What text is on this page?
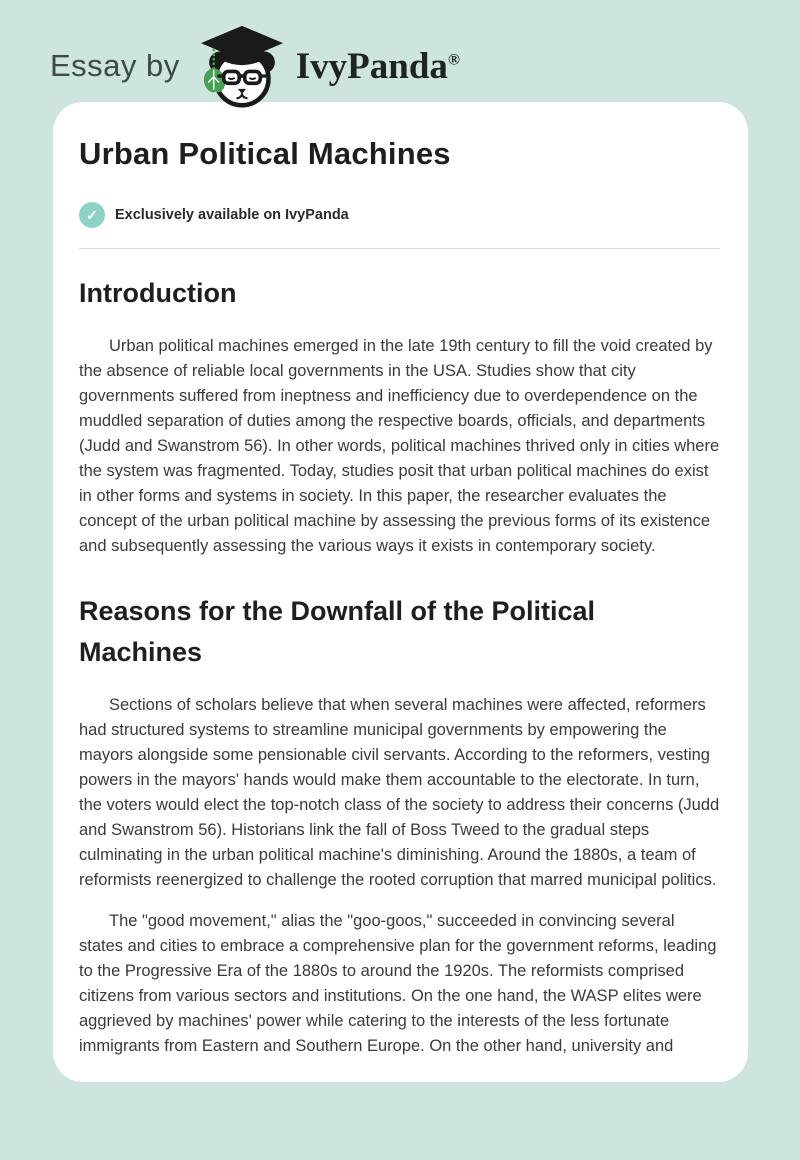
Essay by	IvyPanda®
Urban Political Machines
✓	Exclusively available on IvyPanda
Introduction

Urban political machines emerged in the late 19th century to fill the void created by the absence of reliable local governments in the USA. Studies show that city governments suffered from ineptness and inefficiency due to overdependence on the muddled separation of duties among the respective boards, officials, and departments (Judd and Swanstrom 56). In other words, political machines thrived only in cities where the system was fragmented. Today, studies posit that urban political machines do exist in other forms and systems in society. In this paper, the researcher evaluates the concept of the urban political machine by assessing the previous forms of its existence and subsequently assessing the various ways it exists in contemporary society.

Reasons for the Downfall of the Political Machines

Sections of scholars believe that when several machines were affected, reformers had structured systems to streamline municipal governments by empowering the mayors alongside some pensionable civil servants. According to the reformers, vesting powers in the mayors' hands would make them accountable to the electorate. In turn, the voters would elect the top-notch class of the society to address their concerns (Judd and Swanstrom 56). Historians link the fall of Boss Tweed to the gradual steps culminating in the urban political machine's diminishing. Around the 1880s, a team of reformists reenergized to challenge the rooted corruption that marred municipal politics.

The "good movement," alias the "goo-goos," succeeded in convincing several states and cities to embrace a comprehensive plan for the government reforms, leading to the Progressive Era of the 1880s to around the 1920s. The reformists comprised citizens from various sectors and institutions. On the one hand, the WASP elites were aggrieved by machines' power while catering to the interests of the less fortunate immigrants from Eastern and Southern Europe. On the other hand, university and
